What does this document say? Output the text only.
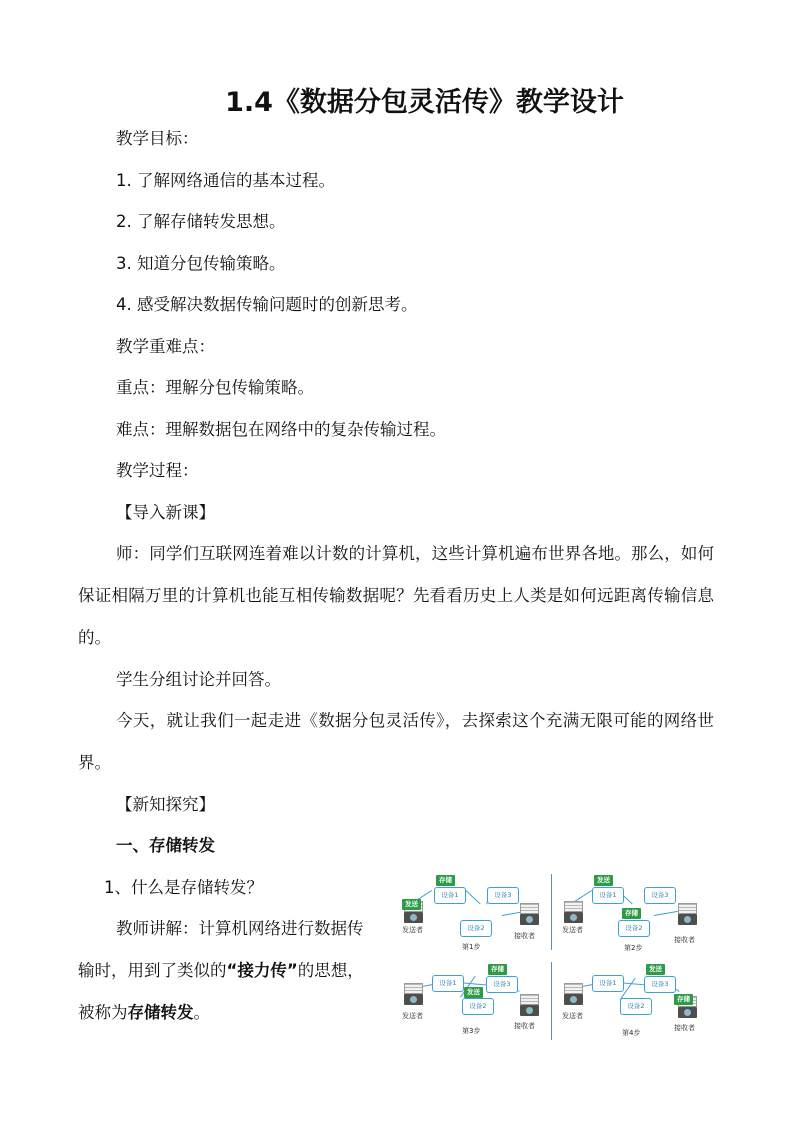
1.4《数据分包灵活传》教学设计
教学目标：
1. 了解网络通信的基本过程。
2. 了解存储转发思想。
3. 知道分包传输策略。
4. 感受解决数据传输问题时的创新思考。
教学重难点：
重点：理解分包传输策略。
难点：理解数据包在网络中的复杂传输过程。
教学过程：
【导入新课】
师：同学们互联网连着难以计数的计算机，这些计算机遍布世界各地。那么，如何保证相隔万里的计算机也能互相传输数据呢？先看看历史上人类是如何远距离传输信息的。
学生分组讨论并回答。
今天，就让我们一起走进《数据分包灵活传》，去探索这个充满无限可能的网络世界。
【新知探究】
一、存储转发
1、什么是存储转发？
教师讲解：计算机网络进行数据传输时，用到了类似的“接力传”的思想，被称为存储转发。
发送
发送者
设备1
存储
设备3
设备2
接收者
第1步
发送者
设备1
发送
设备3
设备2
存储
接收者
第2步
发送者
设备1	设备3
存储
设备2
发送
接收者
第3步
发送者
设备1	设备3
发送
设备2
存储
接收者
第4步
